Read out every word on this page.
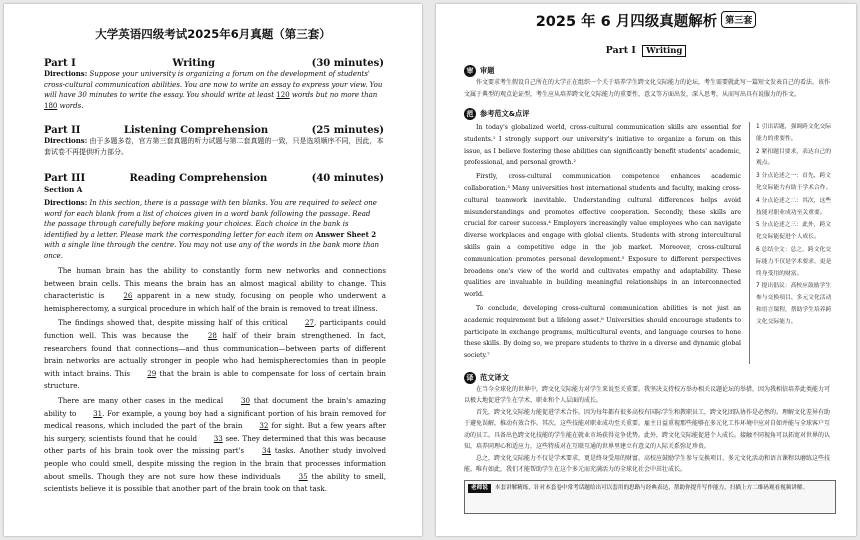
大学英语四级考试2025年6月真题（第三套）
Part I	Writing	(30 minutes)
Directions: Suppose your university is organizing a forum on the development of students' cross-cultural communication abilities. You are now to write an essay to express your view. You will have 30 minutes to write the essay. You should write at least 120 words but no more than 180 words.
Part II	Listening Comprehension	(25 minutes)
Directions: 由于多题多卷，官方第三套真题的听力试题与第二套真题的一致，只是选项顺序不同，因此，本套试卷不再提供听力部分。
Part III	Reading Comprehension	(40 minutes)
Section A
Directions: In this section, there is a passage with ten blanks. You are required to select one word for each blank from a list of choices given in a word bank following the passage. Read the passage through carefully before making your choices. Each choice in the bank is identified by a letter. Please mark the corresponding letter for each item on Answer Sheet 2 with a single line through the centre. You may not use any of the words in the bank more than once.

The human brain has the ability to constantly form new networks and connections between brain cells. This means the brain has an almost magical ability to change. This characteristic is 26 apparent in a new study, focusing on people who underwent a hemispherectomy, a surgical procedure in which half of the brain is removed to treat illness.

The findings showed that, despite missing half of this critical 27, participants could function well. This was because the 28 half of their brain strengthened. In fact, researchers found that connections—and thus communication—between parts of different brain networks are actually stronger in people who had hemispherectomies than in people with intact brains. This 29 that the brain is able to compensate for loss of certain brain structure.

There are many other cases in the medical 30 that document the brain's amazing ability to 31. For example, a young boy had a significant portion of his brain removed for medical reasons, which included the part of the brain 32 for sight. But a few years after his surgery, scientists found that he could 33 see. They determined that this was because other parts of his brain took over the missing part's 34 tasks. Another study involved people who could smell, despite missing the region in the brain that processes information about smells. Though they are not sure how these individuals 35 the ability to smell, scientists believe it is possible that another part of the brain took on that task.

2025 年 6 月四级真题解析 第三套
Part I Writing
审 审题

作文要求考生假设自己所在的大学正在组织一个关于培养学生跨文化交际能力的论坛，考生需要就此写一篇短文发表自己的看法。该作文属于典型的观点论证型，考生应从培养跨文化交际能力的重要性、意义等方面出发，深入思考，从而写出具有说服力的作文。

范 参考范文&点评

In today's globalized world, cross-cultural communication skills are essential for students.¹ I strongly support our university's initiative to organize a forum on this issue, as I believe fostering these abilities can significantly benefit students' academic, professional, and personal growth.²

Firstly, cross-cultural communication competence enhances academic collaboration.³ Many universities host international students and faculty, making cross-cultural teamwork inevitable. Understanding cultural differences helps avoid misunderstandings and promotes effective cooperation. Secondly, these skills are crucial for career success.⁴ Employers increasingly value employees who can navigate diverse workplaces and engage with global clients. Students with strong intercultural skills gain a competitive edge in the job market. Moreover, cross-cultural communication promotes personal development.⁵ Exposure to different perspectives broadens one's view of the world and cultivates empathy and adaptability. These qualities are invaluable in building meaningful relationships in an interconnected world.

To conclude, developing cross-cultural communication abilities is not just an academic requirement but a lifelong asset.⁶ Universities should encourage students to participate in exchange programs, multicultural events, and language courses to hone these skills. By doing so, we prepare students to thrive in a diverse and dynamic global society.⁷

1 引出话题，强调跨文化交际能力的重要性。
2 紧扣题目要求，表达自己的观点。
3 分点论述之一：首先，跨文化交际能力有助于学术合作。
4 分点论述之二：其次，这些技能对职业成功至关重要。
5 分点论述之三：此外，跨文化交际能促进个人成长。
6 总结全文：总之，跨文化交际能力不仅是学术要求，更是终身受用的财富。
7 提出倡议：高校应鼓励学生参与交换项目、多元文化活动和语言课程，帮助学生培养跨文化交际能力。
译 范文译文

在当今全球化的世界中，跨文化交际能力对学生来说至关重要。我坚决支持校方举办相关议题论坛的举措，因为我相信培养此类能力可以极大地促进学生在学术、职业和个人层面的成长。

首先，跨文化交际能力能促进学术合作。因为每年都有很多高校有国际学生和教职员工，跨文化团队协作是必然的。理解文化差异有助于避免误解，推动有效合作。其次，这些技能对职业成功至关重要。雇主日益重视那些能够在多元化工作环境中应对自如并能与全球客户互动的员工。具备出色跨文化技能的学生能在就业市场获得竞争优势。此外，跨文化交际能促进个人成长。接触不同视角可以拓宽对世界的认知，培养同理心和适应力，这些特质对在互联互通的世界里建立有意义的人际关系弥足珍贵。

总之，跨文化交际能力不仅是学术要求，更是终身受用的财富。高校应鼓励学生参与交换项目、多元文化活动和语言课程以磨练这些技能。唯有如此，我们才能帮助学生在这个多元而充满活力的全球化社会中茁壮成长。

老师说	本套讲解精练，针对本套卷中常考话题给出可以套用的思路与经典表达，帮助你提升写作能力，扫描上方二维码观看视频讲解。
